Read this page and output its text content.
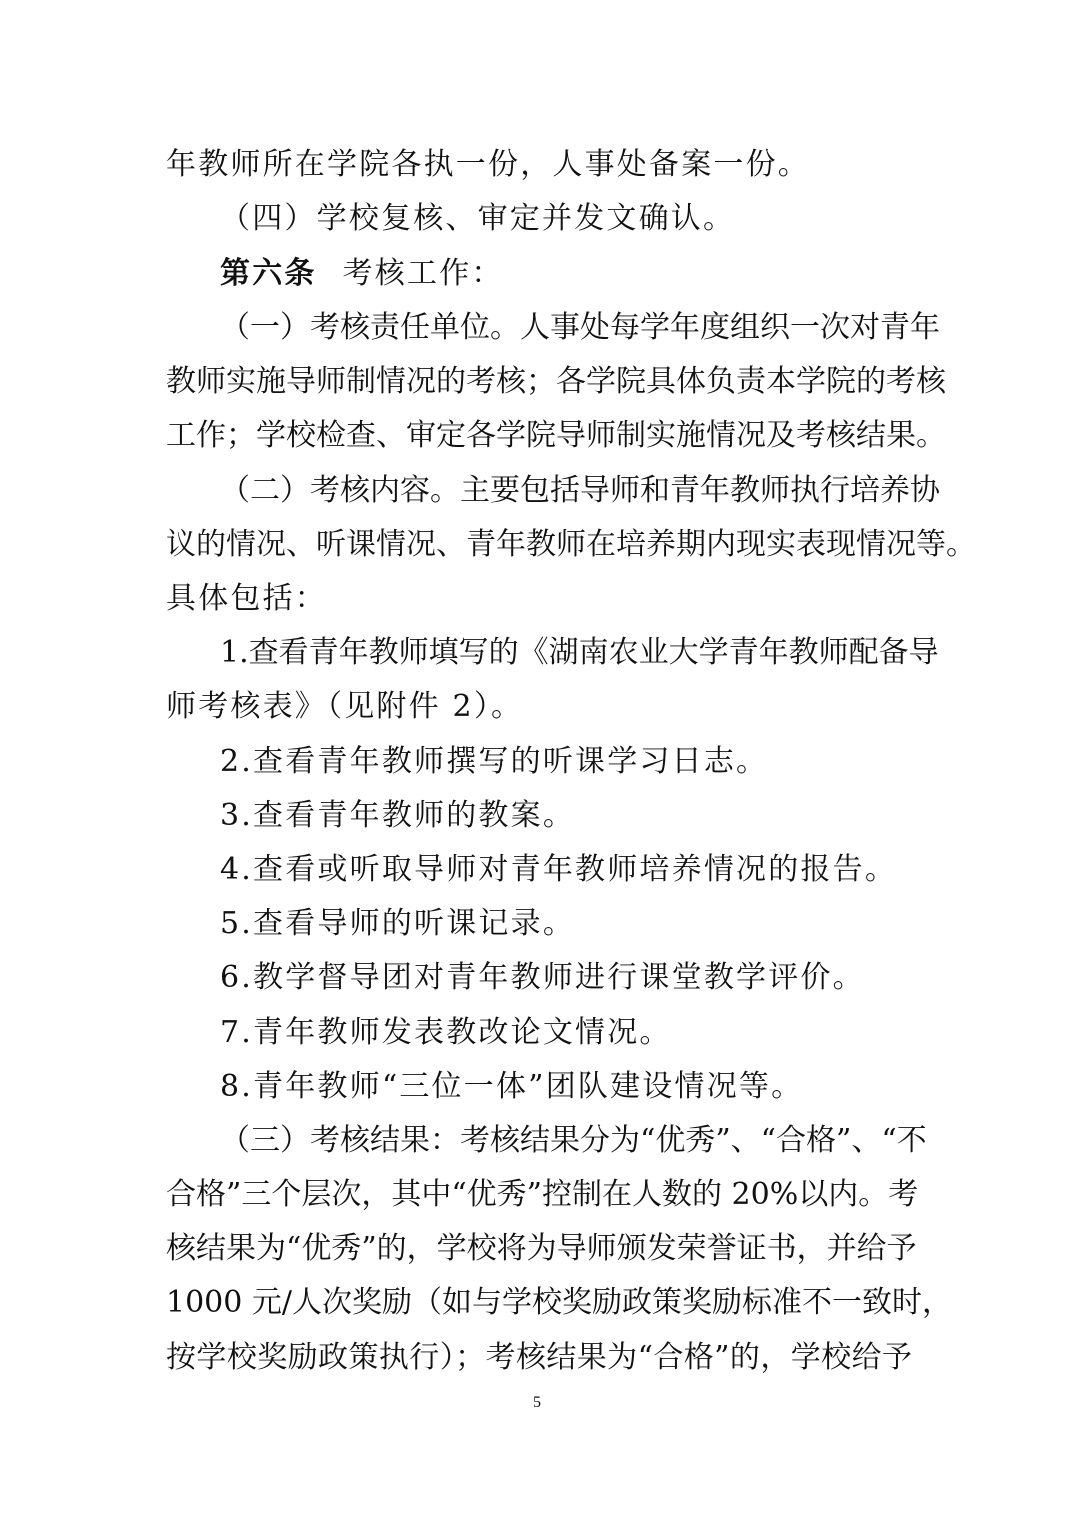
年教师所在学院各执一份，人事处备案一份。
（四）学校复核、审定并发文确认。
第六条 考核工作：
（一）考核责任单位。人事处每学年度组织一次对青年
教师实施导师制情况的考核；各学院具体负责本学院的考核
工作；学校检查、审定各学院导师制实施情况及考核结果。
（二）考核内容。主要包括导师和青年教师执行培养协
议的情况、听课情况、青年教师在培养期内现实表现情况等。
具体包括：
1.查看青年教师填写的《湖南农业大学青年教师配备导
师考核表》（见附件 2）。
2.查看青年教师撰写的听课学习日志。
3.查看青年教师的教案。
4.查看或听取导师对青年教师培养情况的报告。
5.查看导师的听课记录。
6.教学督导团对青年教师进行课堂教学评价。
7.青年教师发表教改论文情况。
8.青年教师“三位一体”团队建设情况等。
（三）考核结果：考核结果分为“优秀”、“合格”、“不
合格”三个层次，其中“优秀”控制在人数的 20%以内。考
核结果为“优秀”的，学校将为导师颁发荣誉证书，并给予
1000 元/人次奖励（如与学校奖励政策奖励标准不一致时，
按学校奖励政策执行）；考核结果为“合格”的，学校给予
5
